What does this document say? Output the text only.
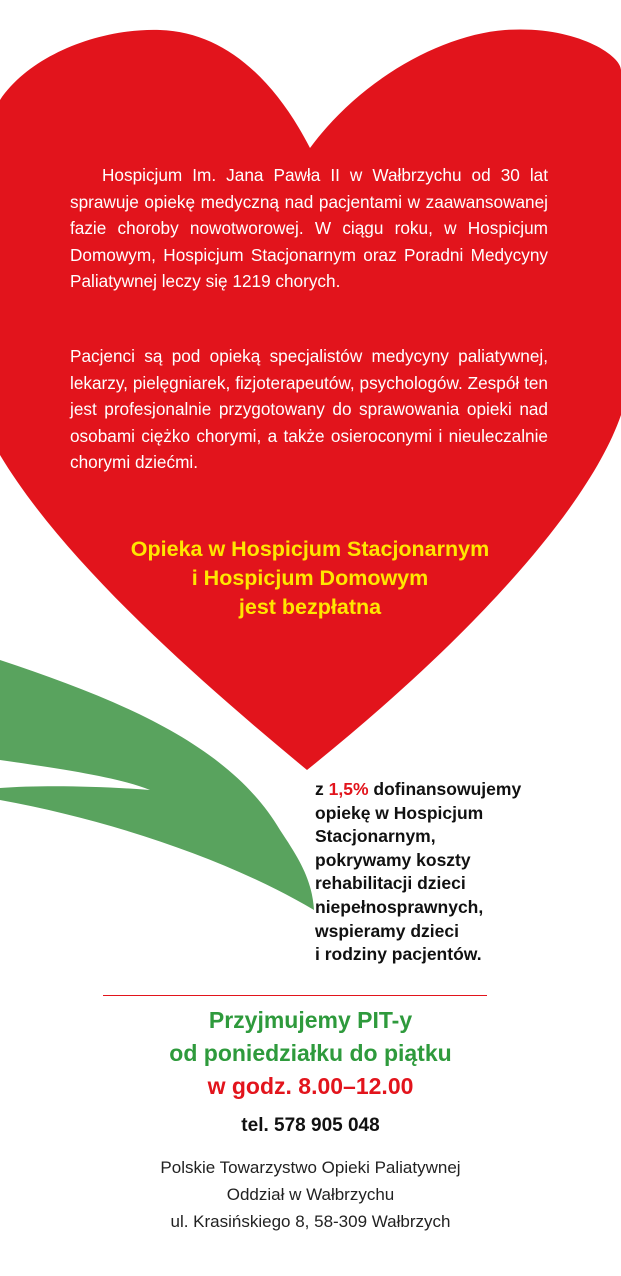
Hospicjum Im. Jana Pawła II w Wałbrzychu od 30 lat sprawuje opiekę medyczną nad pacjentami w zaawansowanej fazie choroby nowotworowej. W ciągu roku, w Hospicjum Domowym, Hospicjum Stacjonarnym oraz Poradni Medycyny Paliatywnej leczy się 1219 chorych.
Pacjenci są pod opieką specjalistów medycyny paliatywnej, lekarzy, pielęgniarek, fizjoterapeutów, psychologów. Zespół ten jest profesjonalnie przygotowany do sprawowania opieki nad osobami ciężko chorymi, a także osieroconymi i nieuleczalnie chorymi dziećmi.
Opieka w Hospicjum Stacjonarnym
i Hospicjum Domowym
jest bezpłatna
z 1,5% dofinansowujemy
opiekę w Hospicjum
Stacjonarnym,
pokrywamy koszty
rehabilitacji dzieci
niepełnosprawnych,
wspieramy dzieci
i rodziny pacjentów.
Przyjmujemy PIT-y
od poniedziałku do piątku
w godz. 8.00–12.00
tel. 578 905 048
Polskie Towarzystwo Opieki Paliatywnej
Oddział w Wałbrzychu
ul. Krasińskiego 8, 58-309 Wałbrzych
